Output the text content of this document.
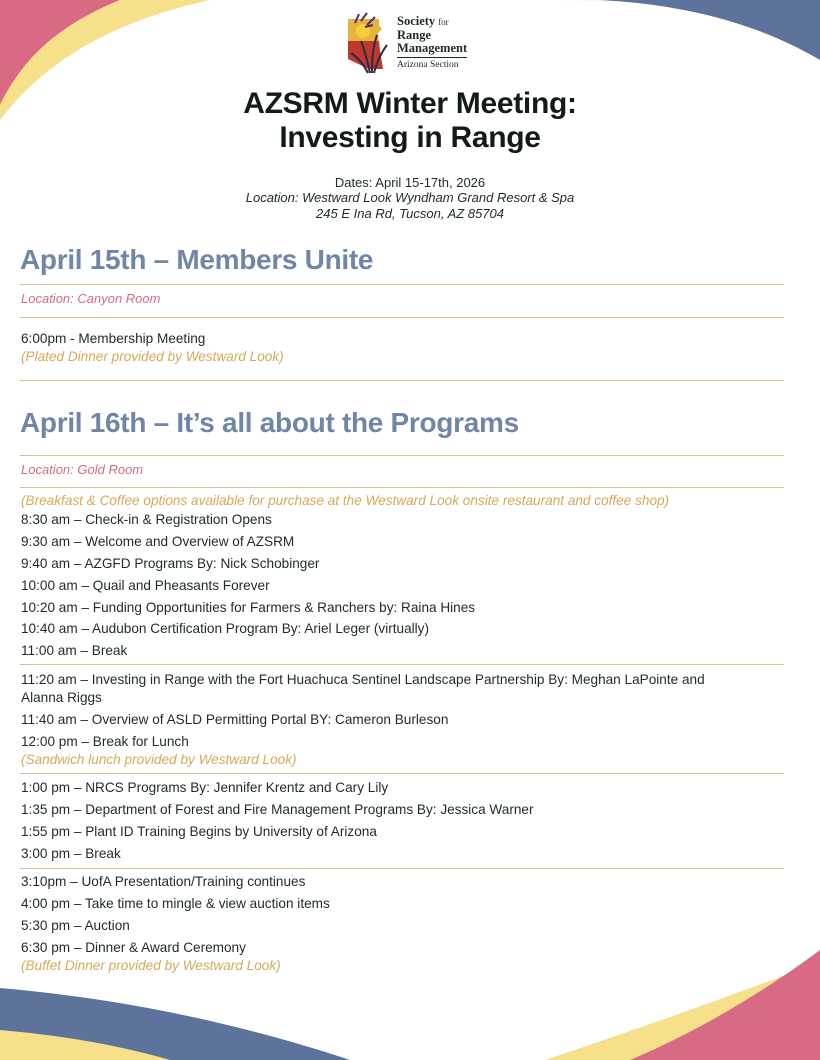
Society for
Range
Management
Arizona Section
AZSRM Winter Meeting:
Investing in Range
Dates: April 15-17th, 2026
Location: Westward Look Wyndham Grand Resort & Spa
245 E Ina Rd, Tucson, AZ 85704
April 15th – Members Unite
Location: Canyon Room
6:00pm - Membership Meeting
(Plated Dinner provided by Westward Look)
April 16th – It’s all about the Programs
Location: Gold Room
(Breakfast & Coffee options available for purchase at the Westward Look onsite restaurant and coffee shop)
8:30 am – Check-in & Registration Opens
9:30 am – Welcome and Overview of AZSRM
9:40 am – AZGFD Programs By: Nick Schobinger
10:00 am – Quail and Pheasants Forever
10:20 am – Funding Opportunities for Farmers & Ranchers by: Raina Hines
10:40 am – Audubon Certification Program By: Ariel Leger (virtually)
11:00 am – Break
11:20 am – Investing in Range with the Fort Huachuca Sentinel Landscape Partnership By: Meghan LaPointe and
Alanna Riggs
11:40 am – Overview of ASLD Permitting Portal BY: Cameron Burleson
12:00 pm – Break for Lunch
(Sandwich lunch provided by Westward Look)
1:00 pm – NRCS Programs By: Jennifer Krentz and Cary Lily
1:35 pm – Department of Forest and Fire Management Programs By: Jessica Warner
1:55 pm – Plant ID Training Begins by University of Arizona
3:00 pm – Break
3:10pm – UofA Presentation/Training continues
4:00 pm – Take time to mingle & view auction items
5:30 pm – Auction
6:30 pm – Dinner & Award Ceremony
(Buffet Dinner provided by Westward Look)
